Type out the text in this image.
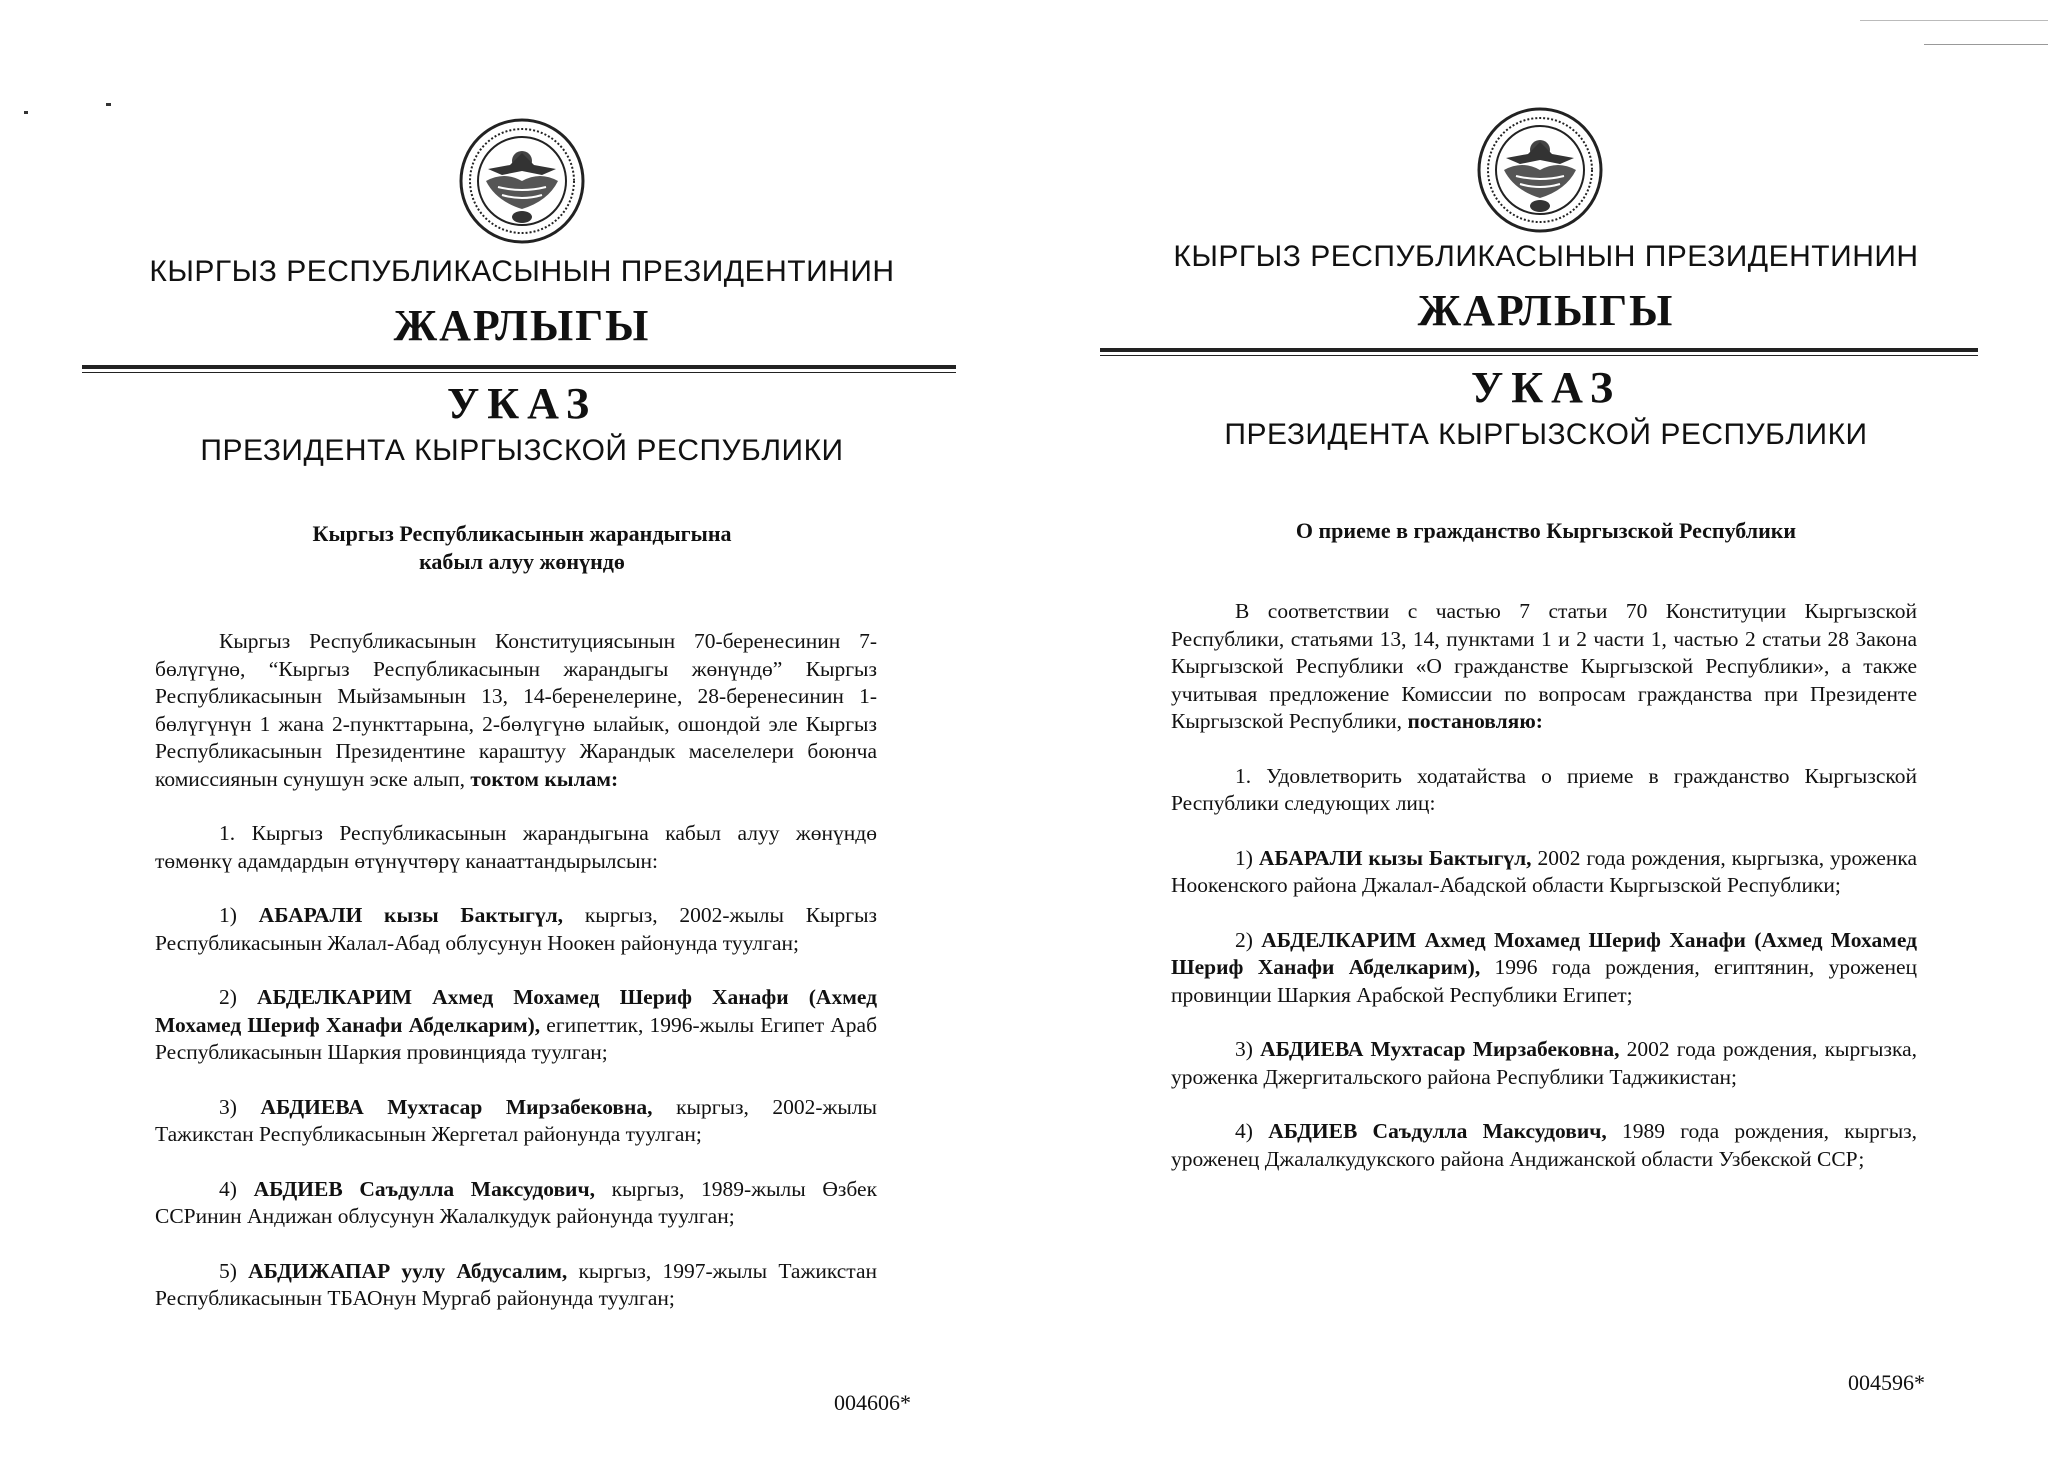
КЫРГЫЗ РЕСПУБЛИКАСЫНЫН ПРЕЗИДЕНТИНИН
ЖАРЛЫГЫ
УКАЗ
ПРЕЗИДЕНТА КЫРГЫЗСКОЙ РЕСПУБЛИКИ
Кыргыз Республикасынын жарандыгына
кабыл алуу жөнүндө

Кыргыз Республикасынын Конституциясынын 70-беренесинин 7-бөлүгүнө, “Кыргыз Республикасынын жарандыгы жөнүндө” Кыргыз Республикасынын Мыйзамынын 13, 14-беренелерине, 28-беренесинин 1-бөлүгүнүн 1 жана 2-пункттарына, 2-бөлүгүнө ылайык, ошондой эле Кыргыз Республикасынын Президентине караштуу Жарандык маселелери боюнча комиссиянын сунушун эске алып, токтом кылам:

1. Кыргыз Республикасынын жарандыгына кабыл алуу жөнүндө төмөнкү адамдардын өтүнүчтөрү канааттандырылсын:

1) АБАРАЛИ кызы Бактыгүл, кыргыз, 2002-жылы Кыргыз Республикасынын Жалал-Абад облусунун Ноокен районунда туулган;

2) АБДЕЛКАРИМ Ахмед Мохамед Шериф Ханафи (Ахмед Мохамед Шериф Ханафи Абделкарим), египеттик, 1996-жылы Египет Араб Республикасынын Шаркия провинцияда туулган;

3) АБДИЕВА Мухтасар Мирзабековна, кыргыз, 2002-жылы Тажикстан Республикасынын Жергетал районунда туулган;

4) АБДИЕВ Саъдулла Максудович, кыргыз, 1989-жылы Өзбек ССРинин Андижан облусунун Жалалкудук районунда туулган;

5) АБДИЖАПАР уулу Абдусалим, кыргыз, 1997-жылы Тажикстан Республикасынын ТБАОнун Мургаб районунда туулган;

004606*
КЫРГЫЗ РЕСПУБЛИКАСЫНЫН ПРЕЗИДЕНТИНИН
ЖАРЛЫГЫ
УКАЗ
ПРЕЗИДЕНТА КЫРГЫЗСКОЙ РЕСПУБЛИКИ
О приеме в гражданство Кыргызской Республики

В соответствии с частью 7 статьи 70 Конституции Кыргызской Республики, статьями 13, 14, пунктами 1 и 2 части 1, частью 2 статьи 28 Закона Кыргызской Республики «О гражданстве Кыргызской Республики», а также учитывая предложение Комиссии по вопросам гражданства при Президенте Кыргызской Республики, постановляю:

1. Удовлетворить ходатайства о приеме в гражданство Кыргызской Республики следующих лиц:

1) АБАРАЛИ кызы Бактыгүл, 2002 года рождения, кыргызка, уроженка Ноокенского района Джалал-Абадской области Кыргызской Республики;

2) АБДЕЛКАРИМ Ахмед Мохамед Шериф Ханафи (Ахмед Мохамед Шериф Ханафи Абделкарим), 1996 года рождения, египтянин, уроженец провинции Шаркия Арабской Республики Египет;

3) АБДИЕВА Мухтасар Мирзабековна, 2002 года рождения, кыргызка, уроженка Джергитальского района Республики Таджикистан;

4) АБДИЕВ Саъдулла Максудович, 1989 года рождения, кыргыз, уроженец Джалалкудукского района Андижанской области Узбекской ССР;

004596*
